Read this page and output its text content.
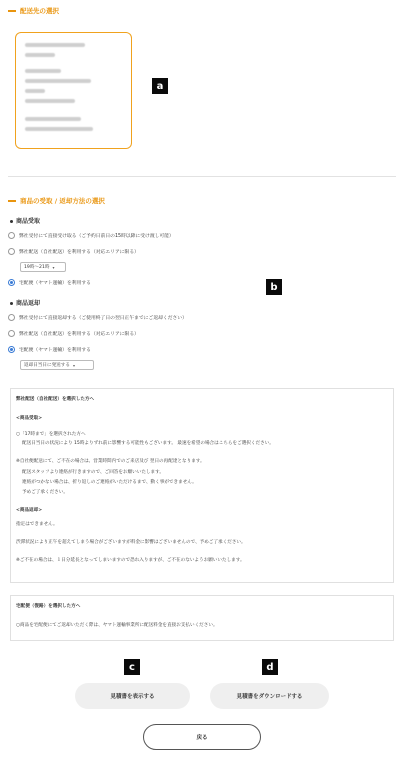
配送先の選択
a
商品の受取 / 返却方法の選択
商品受取
弊社受付にて直接受け取る（ご予約日前日の15時以降に受け渡し可能）
弊社配送（自社配送）を利用する（対応エリアに限る）
19時〜21時 ▾
宅配便（ヤマト運輸）を利用する	b
商品返却
弊社受付にて直接返却する（ご使用終了日の翌日正午までにご返却ください）
弊社配送（自社配送）を利用する（対応エリアに限る）
宅配便（ヤマト運輸）を利用する
返却日当日に発送する ▾
弊社配送（自社配送）を選択した方へ
<商品受取>
○「17時まで」を選択された方へ
配送日当日の状況により 15時よりずれ前に影響する可能性もございます。 最速を希望の場合はこちらをご選択ください。
※自社便配送にて、ご不在の場合は、営業時間内でのご来店及び 翌日の再配達となります。
配送スタッフより連絡が行きますので、ご回答をお願いいたします。
連絡がつかない場合は、折り返しのご連絡がいただけるまで、動く事ができません。
予めご了承ください。
<商品返却>
指定はできません。
渋滞状況により正午を超えてしまう場合がございますが料金に影響はございませんので、予めご了承ください。
※ご不在の場合は、１日分延長となってしまいますので恐れ入りますが、ご不在のないようお願いいたします。
宅配便（復路）を選択した方へ
○商品を宅配便にてご返却いただく際は、ヤマト運輸事業所に配送料金を直接お支払いください。
c	d
見積書を表示する	見積書をダウンロードする
戻る
